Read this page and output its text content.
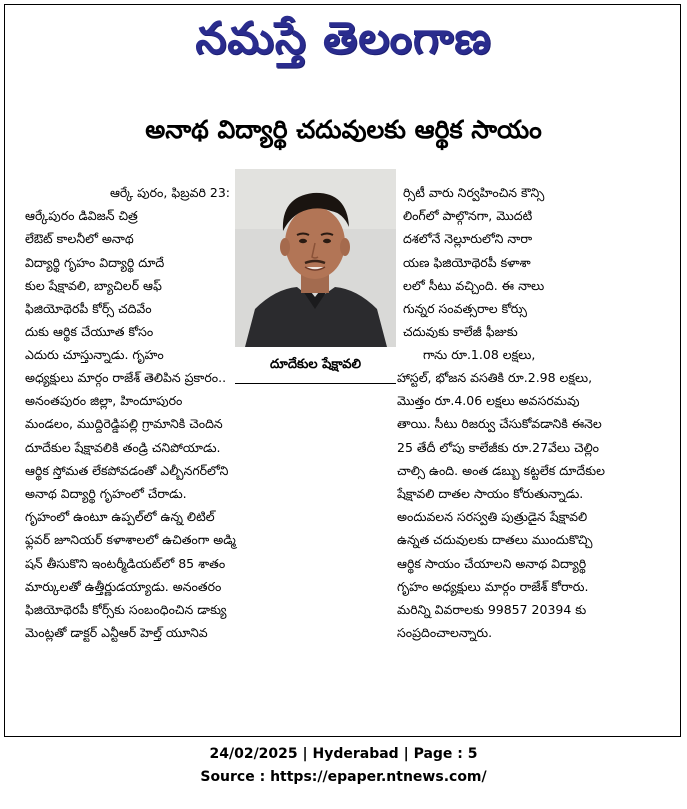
నమస్తే తెలంగాణ
అనాథ విద్యార్థి చదువులకు ఆర్థిక సాయం
ఆర్కే పురం, ఫిబ్రవరి 23:
ఆర్కేపురం డివిజన్ చిత్ర
లేఔట్ కాలనీలో అనాథ
విద్యార్థి గృహం విద్యార్థి దూదే
కుల షేక్షావలి, బ్యాచిలర్ ఆఫ్
ఫిజియోథెరపీ కోర్స్ చదివేం
దుకు ఆర్థిక చేయూత కోసం
ఎదురు చూస్తున్నాడు. గృహం
దూదేకుల షేక్షావలి
అధ్యక్షులు మార్గం రాజేశ్ తెలిపిన ప్రకారం..
అనంతపురం జిల్లా, హిందూపురం
మండలం, ముద్దిరెడ్డిపల్లి గ్రామానికి చెందిన
దూదేకుల షేక్షావలికి తండ్రి చనిపోయాడు.
ఆర్థిక స్తోమత లేకపోవడంతో ఎల్బీనగర్‌లోని
అనాథ విద్యార్థి గృహంలో చేరాడు.
గృహంలో ఉంటూ ఉప్పల్‌లో ఉన్న లిటిల్
ఫ్లవర్ జూనియర్ కళాశాలలో ఉచితంగా అడ్మి
షన్ తీసుకొని ఇంటర్మీడియట్‌లో 85 శాతం
మార్కులతో ఉత్తీర్ణుడయ్యాడు. అనంతరం
ఫిజియోథెరపీ కోర్స్‌కు సంబంధించిన డాక్యు
మెంట్లతో డాక్టర్ ఎన్టీఆర్ హెల్త్ యూనివ
ర్సిటీ వారు నిర్వహించిన కౌన్సి
లింగ్‌లో పాల్గొనగా, మొదటి
దశలోనే నెల్లూరులోని నారా
యణ ఫిజియోథెరపీ కళాశా
లలో సీటు వచ్చింది. ఈ నాలు
గున్నర సంవత్సరాల కోర్సు
చదువుకు కాలేజీ ఫీజుకు
గాను రూ.1.08 లక్షలు,
హాస్టల్, భోజన వసతికి రూ.2.98 లక్షలు,
మొత్తం రూ.4.06 లక్షలు అవసరమవు
తాయి. సీటు రిజర్వు చేసుకోవడానికి ఈనెల
25 తేదీ లోపు కాలేజీకు రూ.27వేలు చెల్లిం
చాల్సి ఉంది. అంత డబ్బు కట్టలేక దూదేకుల
షేక్షావలి దాతల సాయం కోరుతున్నాడు.
అందువలన సరస్వతి పుత్రుడైన షేక్షావలి
ఉన్నత చదువులకు దాతలు ముందుకొచ్చి
ఆర్థిక సాయం చేయాలని అనాథ విద్యార్థి
గృహం అధ్యక్షులు మార్గం రాజేశ్ కోరారు.
మరిన్ని వివరాలకు 99857 20394 కు
సంప్రదించాలన్నారు.
24/02/2025 | Hyderabad | Page : 5
Source : https://epaper.ntnews.com/
